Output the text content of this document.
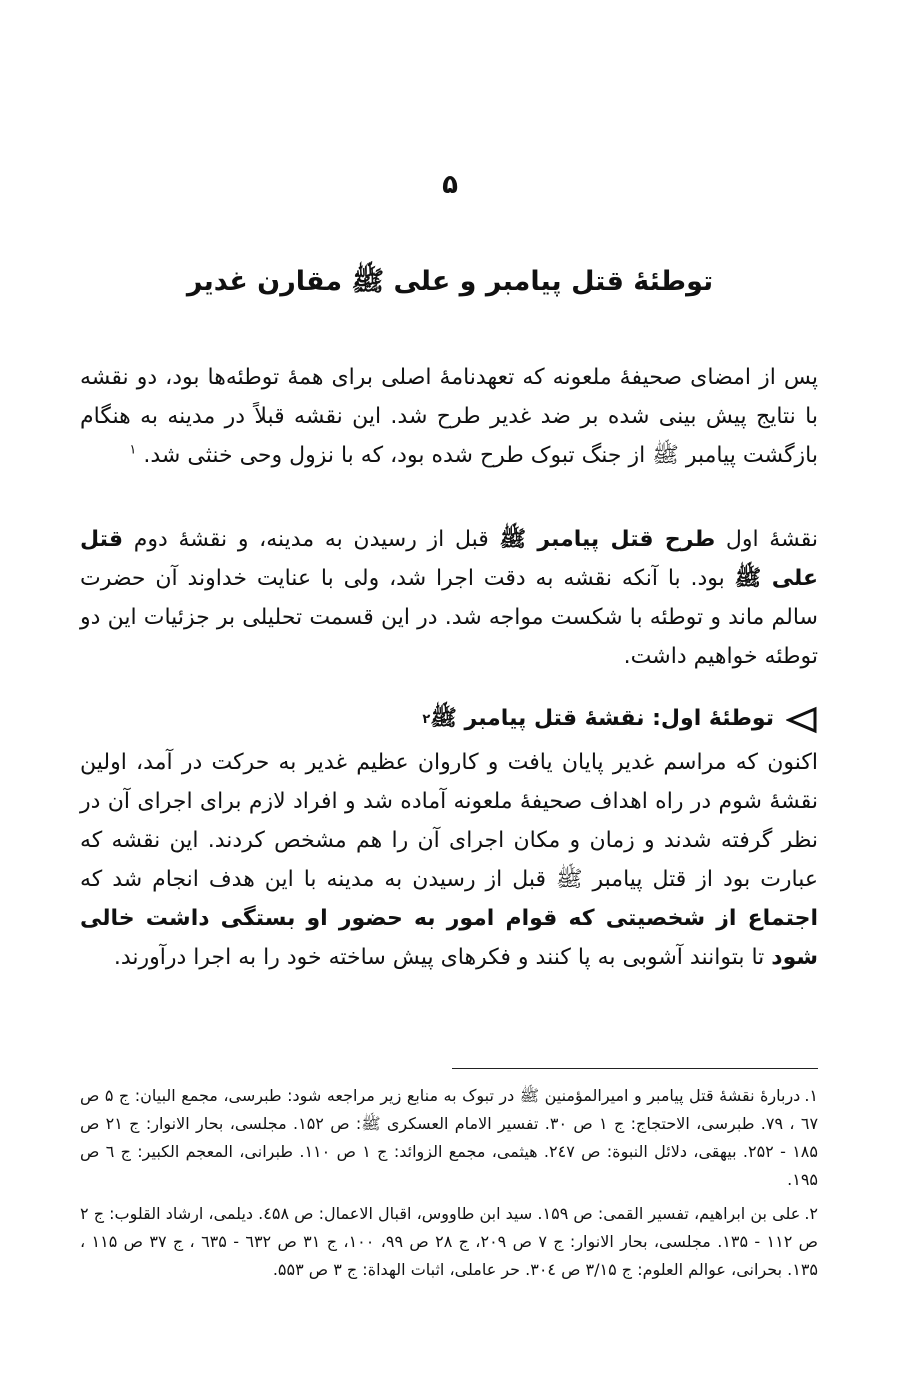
۵
توطئهٔ قتل پیامبر و علی ﷺ مقارن غدیر
پس از امضای صحیفهٔ ملعونه که تعهدنامهٔ اصلی برای همهٔ توطئه‌ها بود، دو نقشه با نتایج پیش بینی شده بر ضد غدیر طرح شد. این نقشه قبلاً در مدینه به هنگام بازگشت پیامبر ﷺ از جنگ تبوک طرح شده بود، که با نزول وحی خنثی شد. $^۱$
نقشهٔ اول طرح قتل پیامبر ﷺ قبل از رسیدن به مدینه، و نقشهٔ دوم قتل علی ﷺ بود. با آنکه نقشه به دقت اجرا شد، ولی با عنایت خداوند آن حضرت سالم ماند و توطئه با شکست مواجه شد. در این قسمت تحلیلی بر جزئیات این دو توطئه خواهیم داشت.
توطئهٔ اول: نقشهٔ قتل پیامبر ﷺ
۲
اکنون که مراسم غدیر پایان یافت و کاروان عظیم غدیر به حرکت در آمد، اولین نقشهٔ شوم در راه اهداف صحیفهٔ ملعونه آماده شد و افراد لازم برای اجرای آن در نظر گرفته شدند و زمان و مکان اجرای آن را هم مشخص کردند. این نقشه که عبارت بود از قتل پیامبر ﷺ قبل از رسیدن به مدینه با این هدف انجام شد که اجتماع از شخصیتی که قوام امور به حضور او بستگی داشت خالی شود تا بتوانند آشوبی به پا کنند و فکرهای پیش ساخته خود را به اجرا درآورند.
۱.دربارهٔ نقشهٔ قتل پیامبر و امیرالمؤمنین ﷺ در تبوک به منابع زیر مراجعه شود: طبرسی، مجمع البیان: ج ۵ ص ٦٧ ، ۷۹. طبرسی، الاحتجاج: ج ۱ ص ۳۰. تفسیر الامام العسکری ﷺ: ص ۱۵۲. مجلسی، بحار الانوار: ج ۲۱ ص ۱۸۵ - ۲۵۲. بیهقی، دلائل النبوة: ص ۲٤۷. هیثمی، مجمع الزوائد: ج ۱ ص ۱۱۰. طبرانی، المعجم الکبیر: ج ٦ ص ۱۹۵.
۲.علی بن ابراهیم، تفسیر القمی: ص ۱۵۹. سید ابن طاووس، اقبال الاعمال: ص ٤۵۸. دیلمی، ارشاد القلوب: ج ۲ ص ۱۱۲ - ۱۳۵. مجلسی، بحار الانوار: ج ۷ ص ۲۰۹، ج ۲۸ ص ۹۹، ۱۰۰، ج ۳۱ ص ٦۳۲ - ٦۳۵ ، ج ۳۷ ص ۱۱۵ ، ۱۳۵. بحرانی، عوالم العلوم: ج ۳/۱۵ ص ۳۰٤. حر عاملی، اثبات الهداة: ج ۳ ص ۵۵۳.
